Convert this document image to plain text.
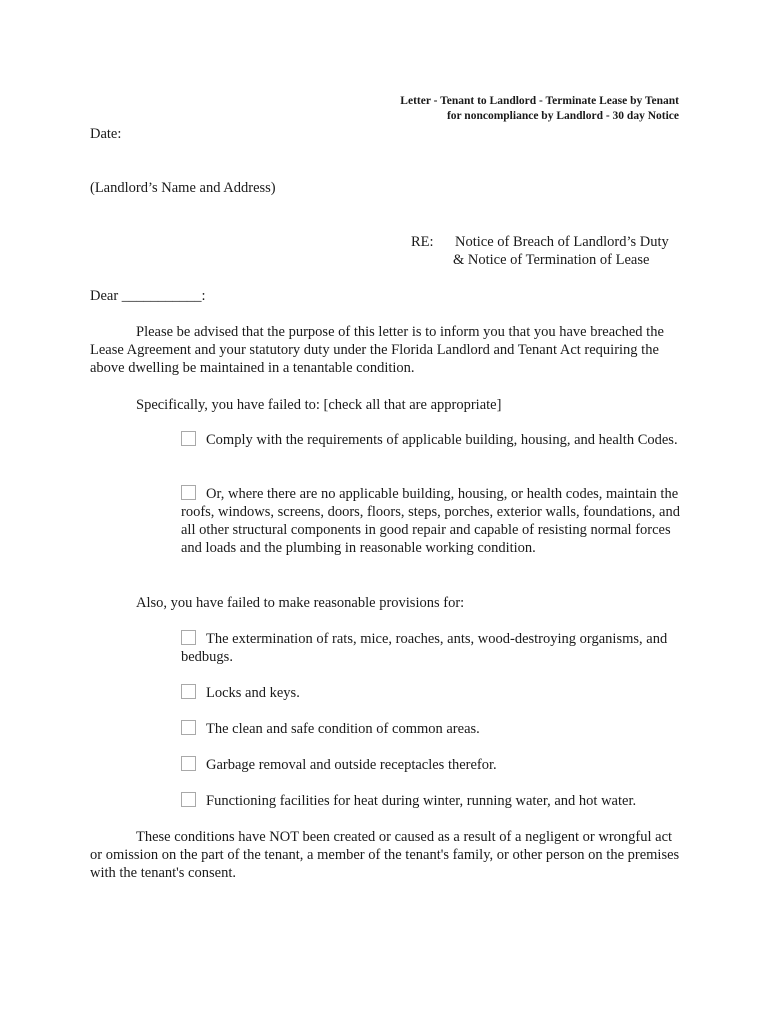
Letter - Tenant to Landlord - Terminate Lease by Tenant
for noncompliance by Landlord - 30 day Notice
Date:
(Landlord’s Name and Address)
RE: Notice of Breach of Landlord’s Duty
& Notice of Termination of Lease
Dear ___________:
Please be advised that the purpose of this letter is to inform you that you have breached the Lease Agreement and your statutory duty under the Florida Landlord and Tenant Act requiring the above dwelling be maintained in a tenantable condition.
Specifically, you have failed to: [check all that are appropriate]
Comply with the requirements of applicable building, housing, and health Codes.
Or, where there are no applicable building, housing, or health codes, maintain the roofs, windows, screens, doors, floors, steps, porches, exterior walls, foundations, and all other structural components in good repair and capable of resisting normal forces and loads and the plumbing in reasonable working condition.
Also, you have failed to make reasonable provisions for:
The extermination of rats, mice, roaches, ants, wood-destroying organisms, and bedbugs.
Locks and keys.
The clean and safe condition of common areas.
Garbage removal and outside receptacles therefor.
Functioning facilities for heat during winter, running water, and hot water.
These conditions have NOT been created or caused as a result of a negligent or wrongful act or omission on the part of the tenant, a member of the tenant's family, or other person on the premises with the tenant's consent.
